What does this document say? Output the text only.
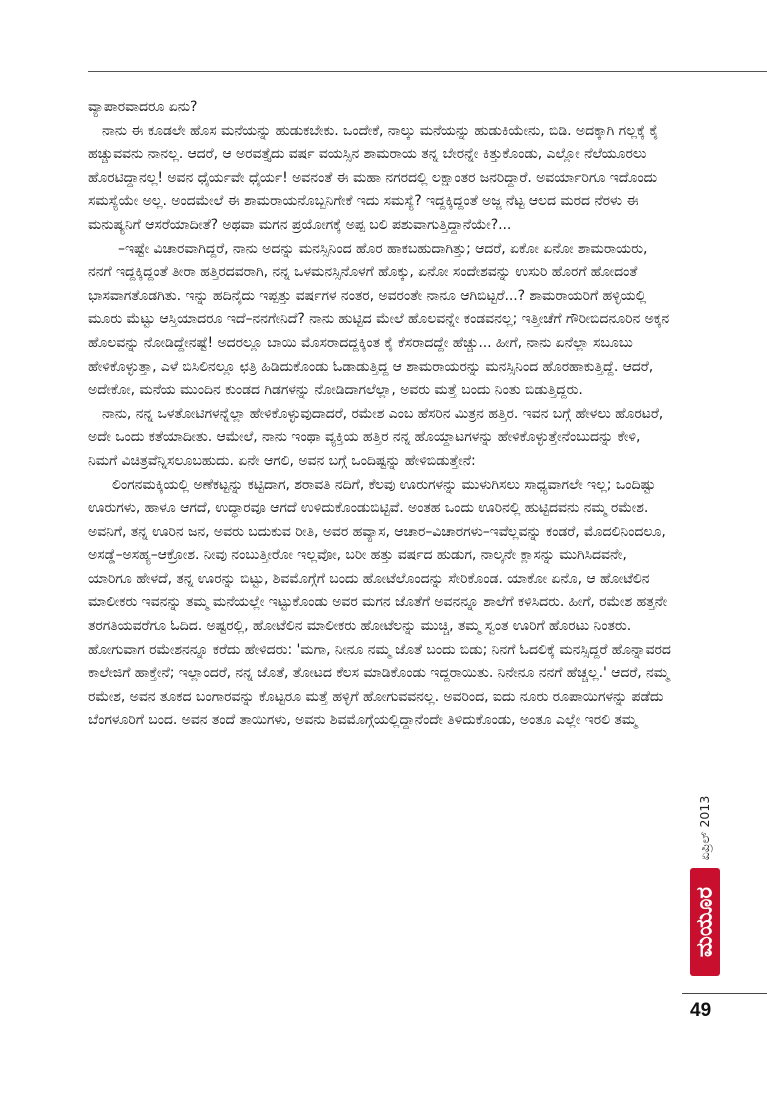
ವ್ಯಾಪಾರವಾದರೂ ಏನು?

ನಾನು ಈ ಕೂಡಲೇ ಹೊಸ ಮನೆಯನ್ನು ಹುಡುಕಬೇಕು. ಒಂದೇಕೆ, ನಾಲ್ಕು ಮನೆಯನ್ನು ಹುಡುಕಿಯೇನು, ಬಿಡಿ. ಅದಕ್ಕಾಗಿ ಗಲ್ಲಕ್ಕೆ ಕೈ ಹಚ್ಚುವವನು ನಾನಲ್ಲ. ಆದರೆ, ಆ ಅರವತ್ತೈದು ವರ್ಷ ವಯಸ್ಸಿನ ಶಾಮರಾಯ ತನ್ನ ಬೇರನ್ನೇ ಕಿತ್ತುಕೊಂಡು, ಎಲ್ಲೋ ನೆಲೆಯೂರಲು ಹೊರಟಿದ್ದಾನಲ್ಲ! ಅವನ ಧೈರ್ಯವೇ ಧೈರ್ಯ! ಅವನಂತೆ ಈ ಮಹಾ ನಗರದಲ್ಲಿ ಲಕ್ಷಾಂತರ ಜನರಿದ್ದಾರೆ. ಅವರ್ಯಾರಿಗೂ ಇದೊಂದು ಸಮಸ್ಯೆಯೇ ಅಲ್ಲ. ಅಂದಮೇಲೆ ಈ ಶಾಮರಾಯನೊಬ್ಬನಿಗೇಕೆ ಇದು ಸಮಸ್ಯೆ? ಇದ್ದಕ್ಕಿದ್ದಂತೆ ಅಜ್ಜ ನೆಟ್ಟ ಆಲದ ಮರದ ನೆರಳು ಈ ಮನುಷ್ಯನಿಗೆ ಆಸರೆಯಾದೀತೆ? ಅಥವಾ ಮಗನ ಪ್ರಯೋಗಕ್ಕೆ ಅಪ್ಪ ಬಲಿ ಪಶುವಾಗುತ್ತಿದ್ದಾನೆಯೇ?...

–ಇಷ್ಟೇ ವಿಚಾರವಾಗಿದ್ದರೆ, ನಾನು ಅದನ್ನು ಮನಸ್ಸಿನಿಂದ ಹೊರ ಹಾಕಬಹುದಾಗಿತ್ತು; ಆದರೆ, ಏಕೋ ಏನೋ ಶಾಮರಾಯರು, ನನಗೆ ಇದ್ದಕ್ಕಿದ್ದಂತೆ ತೀರಾ ಹತ್ತಿರದವರಾಗಿ, ನನ್ನ ಒಳಮನಸ್ಸಿನೊಳಗೆ ಹೊಕ್ಕು, ಏನೋ ಸಂದೇಶವನ್ನು ಉಸುರಿ ಹೊರಗೆ ಹೋದಂತೆ ಭಾಸವಾಗತೊಡಗಿತು. ಇನ್ನು ಹದಿನೈದು ಇಪ್ಪತ್ತು ವರ್ಷಗಳ ನಂತರ, ಅವರಂತೇ ನಾನೂ ಆಗಿಬಿಟ್ಟರೆ...? ಶಾಮರಾಯರಿಗೆ ಹಳ್ಳಿಯಲ್ಲಿ ಮೂರು ಮೆಟ್ಟು ಆಸ್ತಿಯಾದರೂ ಇದೆ–ನನಗೇನಿದೆ? ನಾನು ಹುಟ್ಟಿದ ಮೇಲೆ ಹೊಲವನ್ನೇ ಕಂಡವನಲ್ಲ; ಇತ್ತೀಚೆಗೆ ಗೌರೀಬಿದನೂರಿನ ಅಕ್ಕನ ಹೊಲವನ್ನು ನೋಡಿದ್ದೇನಷ್ಟೆ! ಅದರಲ್ಲೂ ಬಾಯಿ ಮೊಸರಾದದ್ದಕ್ಕಿಂತ ಕೈ ಕೆಸರಾದದ್ದೇ ಹೆಚ್ಚು... ಹೀಗೆ, ನಾನು ಏನೆಲ್ಲಾ ಸಬೂಬು ಹೇಳಿಕೊಳ್ಳುತ್ತಾ, ಎಳೆ ಬಿಸಿಲಿನಲ್ಲೂ ಛತ್ರಿ ಹಿಡಿದುಕೊಂಡು ಓಡಾಡುತ್ತಿದ್ದ ಆ ಶಾಮರಾಯರನ್ನು ಮನಸ್ಸಿನಿಂದ ಹೊರಹಾಕುತ್ತಿದ್ದೆ. ಆದರೆ, ಅದೇಕೋ, ಮನೆಯ ಮುಂದಿನ ಕುಂಡದ ಗಿಡಗಳನ್ನು ನೋಡಿದಾಗಲೆಲ್ಲಾ, ಅವರು ಮತ್ತೆ ಬಂದು ನಿಂತು ಬಿಡುತ್ತಿದ್ದರು.

ನಾನು, ನನ್ನ ಒಳತೋಟಿಗಳನ್ನೆಲ್ಲಾ ಹೇಳಿಕೊಳ್ಳುವುದಾದರೆ, ರಮೇಶ ಎಂಬ ಹೆಸರಿನ ಮಿತ್ರನ ಹತ್ತಿರ. ಇವನ ಬಗ್ಗೆ ಹೇಳಲು ಹೊರಟರೆ, ಅದೇ ಒಂದು ಕತೆಯಾದೀತು. ಆಮೇಲೆ, ನಾನು ಇಂಥಾ ವ್ಯಕ್ತಿಯ ಹತ್ತಿರ ನನ್ನ ಹೊಯ್ದಾಟಗಳನ್ನು ಹೇಳಿಕೊಳ್ಳುತ್ತೇನೆಂಬುದನ್ನು ಕೇಳಿ, ನಿಮಗೆ ವಿಚಿತ್ರವೆನ್ನಿಸಲೂಬಹುದು. ಏನೇ ಆಗಲಿ, ಅವನ ಬಗ್ಗೆ ಒಂದಿಷ್ಟನ್ನು ಹೇಳಿಬಿಡುತ್ತೇನೆ:

ಲಿಂಗನಮಕ್ಕಿಯಲ್ಲಿ ಅಣೆಕಟ್ಟನ್ನು ಕಟ್ಟಿದಾಗ, ಶರಾವತಿ ನದಿಗೆ, ಕೆಲವು ಊರುಗಳನ್ನು ಮುಳುಗಿಸಲು ಸಾಧ್ಯವಾಗಲೇ ಇಲ್ಲ; ಒಂದಿಷ್ಟು ಊರುಗಳು, ಹಾಳೂ ಆಗದೆ, ಉದ್ಧಾರವೂ ಆಗದೆ ಉಳಿದುಕೊಂಡುಬಿಟ್ಟಿವೆ. ಅಂತಹ ಒಂದು ಊರಿನಲ್ಲಿ ಹುಟ್ಟಿದವನು ನಮ್ಮ ರಮೇಶ. ಅವನಿಗೆ, ತನ್ನ ಊರಿನ ಜನ, ಅವರು ಬದುಕುವ ರೀತಿ, ಅವರ ಹವ್ಯಾಸ, ಆಚಾರ–ವಿಚಾರಗಳು–ಇವೆಲ್ಲವನ್ನು ಕಂಡರೆ, ಮೊದಲಿನಿಂದಲೂ, ಅಸಡ್ಡೆ–ಅಸಹ್ಯ–ಆಕ್ರೋಶ. ನೀವು ನಂಬುತ್ತೀರೋ ಇಲ್ಲವೋ, ಬರೀ ಹತ್ತು ವರ್ಷದ ಹುಡುಗ, ನಾಲ್ಕನೇ ಕ್ಲಾಸನ್ನು ಮುಗಿಸಿದವನೇ, ಯಾರಿಗೂ ಹೇಳದೆ, ತನ್ನ ಊರನ್ನು ಬಿಟ್ಟು, ಶಿವಮೊಗ್ಗೆಗೆ ಬಂದು ಹೋಟೆಲೊಂದನ್ನು ಸೇರಿಕೊಂಡ. ಯಾಕೋ ಏನೊ, ಆ ಹೋಟೆಲಿನ ಮಾಲೀಕರು ಇವನನ್ನು ತಮ್ಮ ಮನೆಯಲ್ಲೇ ಇಟ್ಟುಕೊಂಡು ಅವರ ಮಗನ ಜೊತೆಗೆ ಅವನನ್ನೂ ಶಾಲೆಗೆ ಕಳಿಸಿದರು. ಹೀಗೆ, ರಮೇಶ ಹತ್ತನೇ ತರಗತಿಯವರೆಗೂ ಓದಿದ. ಅಷ್ಟರಲ್ಲಿ, ಹೋಟೆಲಿನ ಮಾಲೀಕರು ಹೋಟೆಲನ್ನು ಮುಚ್ಚಿ, ತಮ್ಮ ಸ್ವಂತ ಊರಿಗೆ ಹೊರಟು ನಿಂತರು. ಹೋಗುವಾಗ ರಮೇಶನನ್ನೂ ಕರೆದು ಹೇಳಿದರು: 'ಮಗಾ, ನೀನೂ ನಮ್ಮ ಜೊತೆ ಬಂದು ಬಿಡು; ನಿನಗೆ ಓದಲಿಕ್ಕೆ ಮನಸ್ಸಿದ್ದರೆ ಹೊನ್ನಾವರದ ಕಾಲೇಜಿಗೆ ಹಾಕ್ತೇನೆ; ಇಲ್ಲಾಂದರೆ, ನನ್ನ ಜೊತೆ, ತೋಟದ ಕೆಲಸ ಮಾಡಿಕೊಂಡು ಇದ್ದರಾಯಿತು. ನಿನೇನೂ ನನಗೆ ಹೆಚ್ಚಲ್ಲ.' ಆದರೆ, ನಮ್ಮ ರಮೇಶ, ಅವನ ತೂಕದ ಬಂಗಾರವನ್ನು ಕೊಟ್ಟರೂ ಮತ್ತೆ ಹಳ್ಳಿಗೆ ಹೋಗುವವನಲ್ಲ. ಅವರಿಂದ, ಐದು ನೂರು ರೂಪಾಯಿಗಳನ್ನು ಪಡೆದು ಬೆಂಗಳೂರಿಗೆ ಬಂದ. ಅವನ ತಂದೆ ತಾಯಿಗಳು, ಅವನು ಶಿವಮೊಗ್ಗೆಯಲ್ಲಿದ್ದಾನೆಂದೇ ತಿಳಿದುಕೊಂಡು, ಅಂತೂ ಎಲ್ಲೇ ಇರಲಿ ತಮ್ಮ

ಏಪ್ರಿಲ್ 2013
ಮಯೂರ
49
